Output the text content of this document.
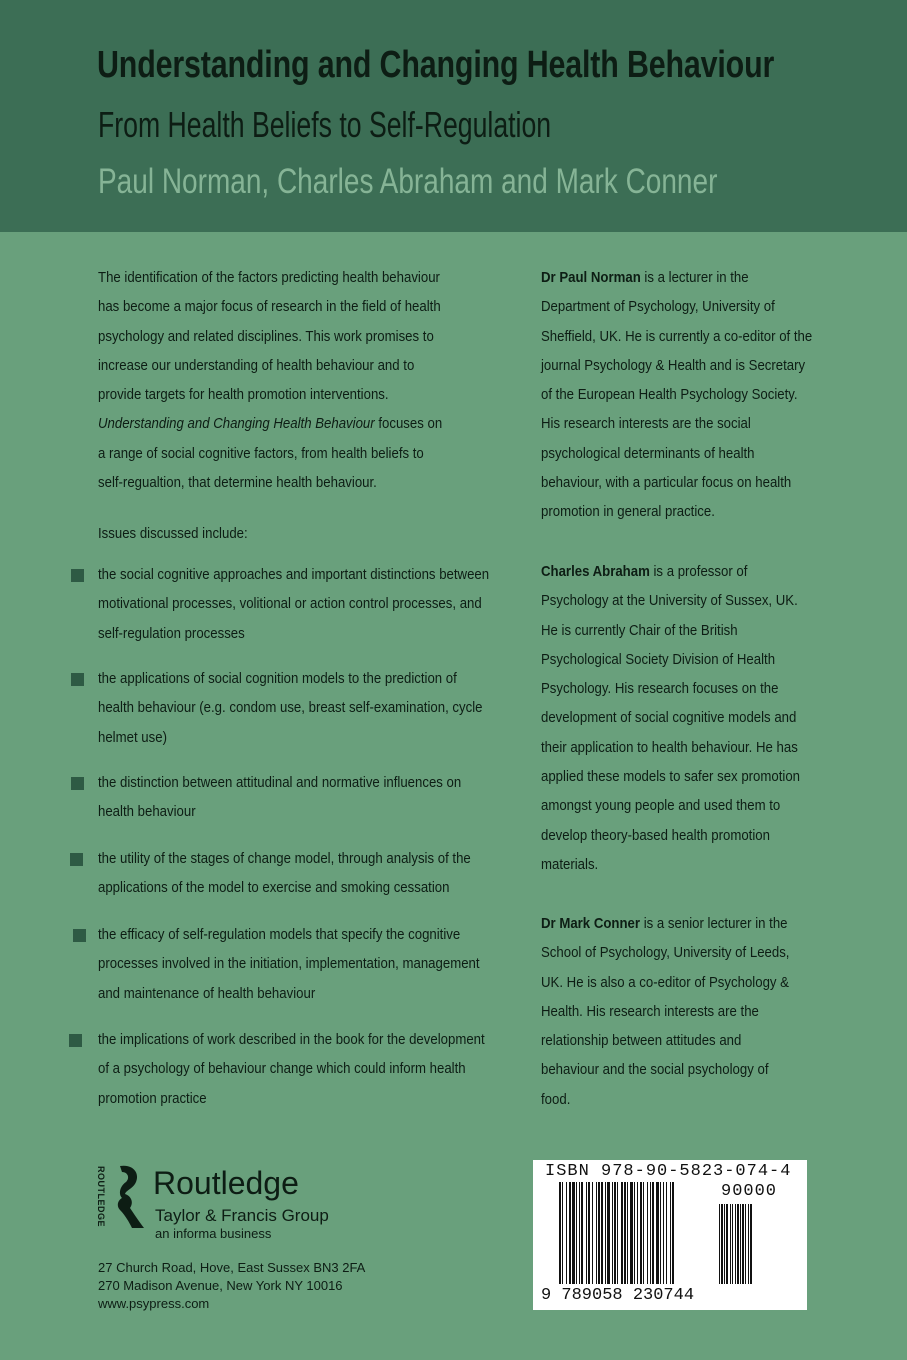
Understanding and Changing Health Behaviour
From Health Beliefs to Self-Regulation
Paul Norman, Charles Abraham and Mark Conner

The identification of the factors predicting health behaviour has become a major focus of research in the field of health psychology and related disciplines. This work promises to increase our understanding of health behaviour and to provide targets for health promotion interventions. Understanding and Changing Health Behaviour focuses on a range of social cognitive factors, from health beliefs to self-regualtion, that determine health behaviour.

Issues discussed include:

the social cognitive approaches and important distinctions between motivational processes, volitional or action control processes, and self-regulation processes

the applications of social cognition models to the prediction of health behaviour (e.g. condom use, breast self-examination, cycle helmet use)

the distinction between attitudinal and normative influences on health behaviour

the utility of the stages of change model, through analysis of the applications of the model to exercise and smoking cessation

the efficacy of self-regulation models that specify the cognitive processes involved in the initiation, implementation, management and maintenance of health behaviour

the implications of work described in the book for the development of a psychology of behaviour change which could inform health promotion practice

Dr Paul Norman is a lecturer in the Department of Psychology, University of Sheffield, UK. He is currently a co-editor of the journal Psychology & Health and is Secretary of the European Health Psychology Society. His research interests are the social psychological determinants of health behaviour, with a particular focus on health promotion in general practice.

Charles Abraham is a professor of Psychology at the University of Sussex, UK. He is currently Chair of the British Psychological Society Division of Health Psychology. His research focuses on the development of social cognitive models and their application to health behaviour. He has applied these models to safer sex promotion amongst young people and used them to develop theory-based health promotion materials.

Dr Mark Conner is a senior lecturer in the School of Psychology, University of Leeds, UK. He is also a co-editor of Psychology & Health. His research interests are the relationship between attitudes and behaviour and the social psychology of food.

ROUTLEDGE Routledge

Taylor & Francis Group

an informa business

27 Church Road, Hove, East Sussex BN3 2FA

270 Madison Avenue, New York NY 10016

www.psypress.com

ISBN 978-90-5823-074-4

90000

9 789058 230744
